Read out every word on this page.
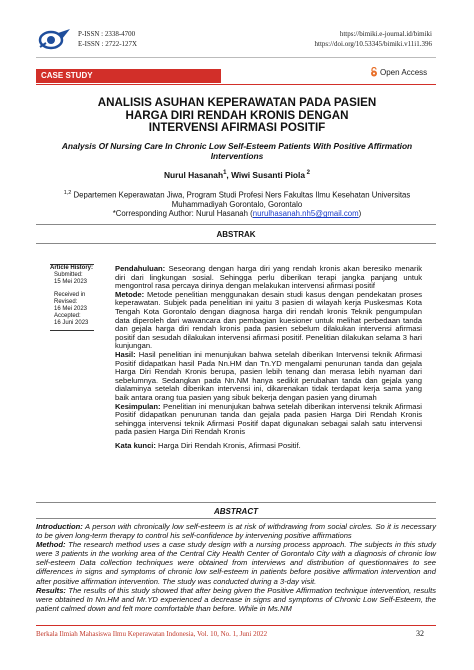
P-ISSN : 2338-4700
E-ISSN : 2722-127X
https://bimiki.e-journal.id/bimiki
https://doi.org/10.53345/bimiki.v11i1.396
CASE STUDY	Open Access
ANALISIS ASUHAN KEPERAWATAN PADA PASIEN
HARGA DIRI RENDAH KRONIS DENGAN
INTERVENSI AFIRMASI POSITIF
Analysis Of Nursing Care In Chronic Low Self-Esteem Patients With Positive Affirmation
Interventions
Nurul Hasanah$^1$, Wiwi Susanti Piola $^2$
$^{1,2}$ Departemen Keperawatan Jiwa, Program Studi Profesi Ners Fakultas Ilmu Kesehatan Universitas
Muhammadiyah Gorontalo, Gorontalo
*Corresponding Author: Nurul Hasanah (nurulhasanah.nh5@gmail.com)
ABSTRAK
Article History:
Submitted:
15 Mei 2023
Received in Revised:
16 Mei 2023
Accepted:
16 Juni 2023

Pendahuluan: Seseorang dengan harga diri yang rendah kronis akan beresiko menarik diri dari lingkungan sosial. Sehingga perlu diberikan terapi jangka panjang untuk mengontrol rasa percaya dirinya dengan melakukan intervensi afirmasi positif

Metode: Metode penelitian menggunakan desain studi kasus dengan pendekatan proses keperawatan. Subjek pada penelitian ini yaitu 3 pasien di wilayah kerja Puskesmas Kota Tengah Kota Gorontalo dengan diagnosa harga diri rendah kronis Teknik pengumpulan data diperoleh dari wawancara dan pembagian kuesioner untuk melihat perbedaan tanda dan gejala harga diri rendah kronis pada pasien sebelum dilakukan intervensi afirmasi positif dan sesudah dilakukan intervensi afirmasi positif. Penelitian dilakukan selama 3 hari kunjungan.

Hasil: Hasil penelitian ini menunjukan bahwa setelah diberikan Intervensi teknik Afirmasi Positif didapatkan hasil Pada Nn.HM dan Tn.YD mengalami penurunan tanda dan gejala Harga Diri Rendah Kronis berupa, pasien lebih tenang dan merasa lebih nyaman dari sebelumnya. Sedangkan pada Nn.NM hanya sedikit perubahan tanda dan gejala yang dialaminya setelah diberikan intervensi ini, dikarenakan tidak terdapat kerja sama yang baik antara orang tua pasien yang sibuk bekerja dengan pasien yang dirumah

Kesimpulan: Penelitian ini menunjukan bahwa setelah diberikan intervensi teknik Afirmasi Positif didapatkan penurunan tanda dan gejala pada pasien Harga Diri Rendah Kronis sehingga intervensi teknik Afirmasi Positif dapat digunakan sebagai salah satu intervensi pada pasien Harga Diri Rendah Kronis

Kata kunci: Harga Diri Rendah Kronis, Afirmasi Positif.

ABSTRACT

Introduction: A person with chronically low self-esteem is at risk of withdrawing from social circles. So it is necessary to be given long-term therapy to control his self-confidence by intervening positive affirmations

Method: The research method uses a case study design with a nursing process approach. The subjects in this study were 3 patients in the working area of the Central City Health Center of Gorontalo City with a diagnosis of chronic low self-esteem Data collection techniques were obtained from interviews and distribution of questionnaires to see differences in signs and symptoms of chronic low self-esteem in patients before positive affirmation intervention and after positive affirmation intervention. The study was conducted during a 3-day visit.

Results: The results of this study showed that after being given the Positive Affirmation technique intervention, results were obtained In Nn.HM and Mr.YD experienced a decrease in signs and symptoms of Chronic Low Self-Esteem, the patient calmed down and felt more comfortable than before. While in Ms.NM

Berkala Ilmiah Mahasiswa Ilmu Keperawatan Indonesia, Vol. 10, No. 1, Juni 2022	32
